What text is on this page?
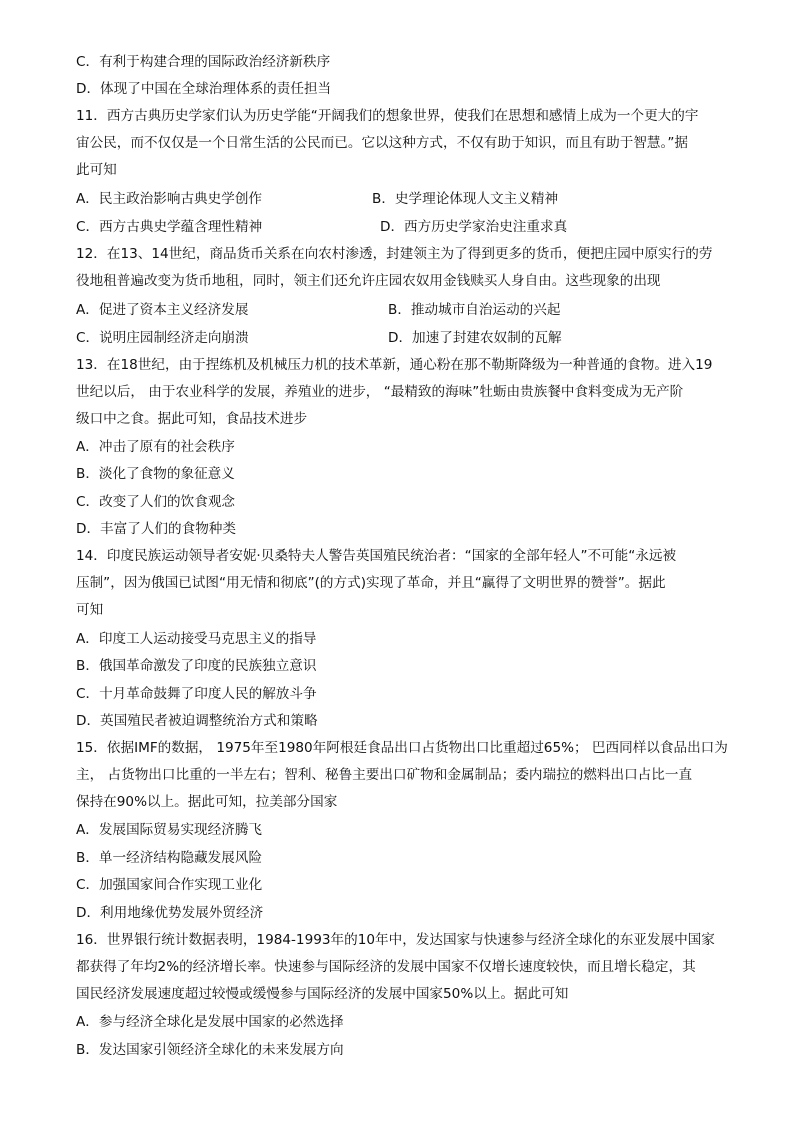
C．有利于构建合理的国际政治经济新秩序
D．体现了中国在全球治理体系的责任担当
11．西方古典历史学家们认为历史学能“开阔我们的想象世界，使我们在思想和感情上成为一个更大的宇
宙公民，而不仅仅是一个日常生活的公民而已。它以这种方式，不仅有助于知识，而且有助于智慧。”据
此可知
A．民主政治影响古典史学创作	B．史学理论体现人文主义精神
C．西方古典史学蕴含理性精神	D．西方历史学家治史注重求真
12．在13、14世纪，商品货币关系在向农村渗透，封建领主为了得到更多的货币，便把庄园中原实行的劳
役地租普遍改变为货币地租，同时，领主们还允许庄园农奴用金钱赎买人身自由。这些现象的出现
A．促进了资本主义经济发展	B．推动城市自治运动的兴起
C．说明庄园制经济走向崩溃	D．加速了封建农奴制的瓦解
13．在18世纪，由于捏练机及机械压力机的技术革新，通心粉在那不勒斯降级为一种普通的食物。进入19
世纪以后， 由于农业科学的发展，养殖业的进步， “最精致的海味”牡蛎由贵族餐中食料变成为无产阶
级口中之食。据此可知，食品技术进步
A．冲击了原有的社会秩序
B．淡化了食物的象征意义
C．改变了人们的饮食观念
D．丰富了人们的食物种类
14．印度民族运动领导者安妮·贝桑特夫人警告英国殖民统治者：“国家的全部年轻人”不可能“永远被
压制”，因为俄国已试图“用无情和彻底”(的方式)实现了革命，并且“赢得了文明世界的赞誉”。据此
可知
A．印度工人运动接受马克思主义的指导
B．俄国革命激发了印度的民族独立意识
C．十月革命鼓舞了印度人民的解放斗争
D．英国殖民者被迫调整统治方式和策略
15．依据IMF的数据， 1975年至1980年阿根廷食品出口占货物出口比重超过65%； 巴西同样以食品出口为
主， 占货物出口比重的一半左右；智利、秘鲁主要出口矿物和金属制品；委内瑞拉的燃料出口占比一直
保持在90%以上。据此可知，拉美部分国家
A．发展国际贸易实现经济腾飞
B．单一经济结构隐藏发展风险
C．加强国家间合作实现工业化
D．利用地缘优势发展外贸经济
16．世界银行统计数据表明，1984-1993年的10年中，发达国家与快速参与经济全球化的东亚发展中国家
都获得了年均2%的经济增长率。快速参与国际经济的发展中国家不仅增长速度较快，而且增长稳定，其
国民经济发展速度超过较慢或缓慢参与国际经济的发展中国家50%以上。据此可知
A．参与经济全球化是发展中国家的必然选择
B．发达国家引领经济全球化的未来发展方向
